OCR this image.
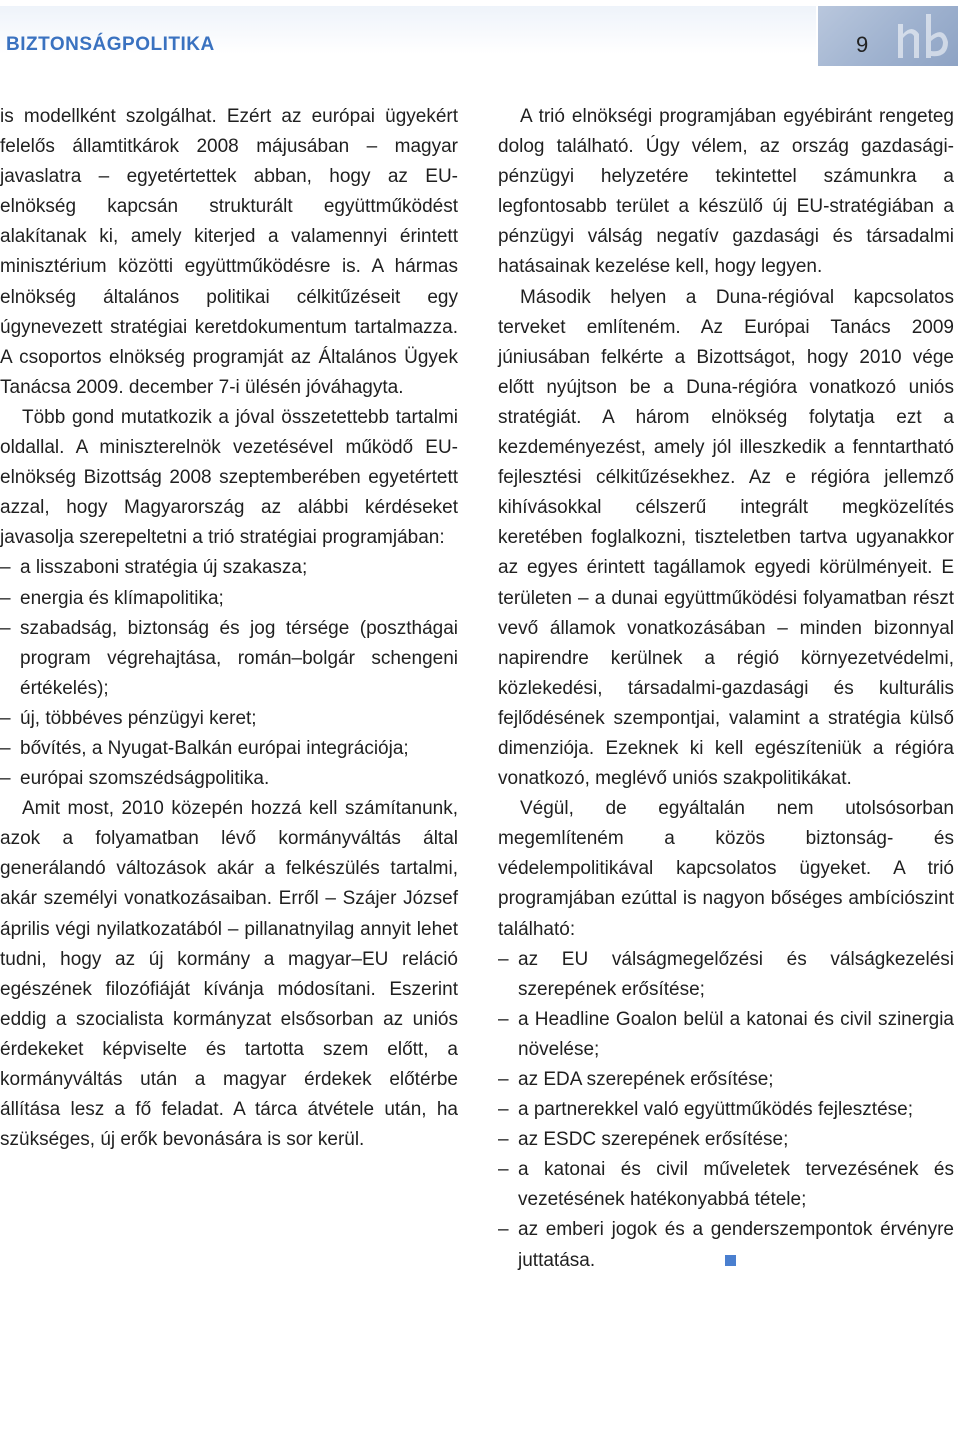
BIZTONSÁGPOLITIKA	9

is modellként szolgálhat. Ezért az európai ügyekért felelős államtitkárok 2008 májusában – magyar javaslatra – egyetértettek abban, hogy az EU-elnökség kapcsán strukturált együttműködést alakítanak ki, amely kiterjed a valamennyi érintett minisztérium közötti együttműködésre is. A hármas elnökség általános politikai célkitűzéseit egy úgynevezett stratégiai keretdokumentum tartalmazza. A csoportos elnökség programját az Általános Ügyek Tanácsa 2009. december 7-i ülésén jóváhagyta.

Több gond mutatkozik a jóval összetettebb tartalmi oldallal. A miniszterelnök vezetésével működő EU-elnökség Bizottság 2008 szeptemberében egyetértett azzal, hogy Magyarország az alábbi kérdéseket javasolja szerepeltetni a trió stratégiai programjában:

– a lisszaboni stratégia új szakasza;
– energia és klímapolitika;
– szabadság, biztonság és jog térsége (poszthágai program végrehajtása, román–bolgár schengeni értékelés);
– új, többéves pénzügyi keret;
– bővítés, a Nyugat-Balkán európai integrációja;
– európai szomszédságpolitika.

Amit most, 2010 közepén hozzá kell számítanunk, azok a folyamatban lévő kormányváltás által generálandó változások akár a felkészülés tartalmi, akár személyi vonatkozásaiban. Erről – Szájer József április végi nyilatkozatából – pillanatnyilag annyit lehet tudni, hogy az új kormány a magyar–EU reláció egészének filozófiáját kívánja módosítani. Eszerint eddig a szocialista kormányzat elsősorban az uniós érdekeket képviselte és tartotta szem előtt, a kormányváltás után a magyar érdekek előtérbe állítása lesz a fő feladat. A tárca átvétele után, ha szükséges, új erők bevonására is sor kerül.

A trió elnökségi programjában egyébiránt rengeteg dolog található. Úgy vélem, az ország gazdasági-pénzügyi helyzetére tekintettel számunkra a legfontosabb terület a készülő új EU-stratégiában a pénzügyi válság negatív gazdasági és társadalmi hatásainak kezelése kell, hogy legyen.

Második helyen a Duna-régióval kapcsolatos terveket említeném. Az Európai Tanács 2009 júniusában felkérte a Bizottságot, hogy 2010 vége előtt nyújtson be a Duna-régióra vonatkozó uniós stratégiát. A három elnökség folytatja ezt a kezdeményezést, amely jól illeszkedik a fenntartható fejlesztési célkitűzésekhez. Az e régióra jellemző kihívásokkal célszerű integrált megközelítés keretében foglalkozni, tiszteletben tartva ugyanakkor az egyes érintett tagállamok egyedi körülményeit. E területen – a dunai együttműködési folyamatban részt vevő államok vonatkozásában – minden bizonnyal napirendre kerülnek a régió környezetvédelmi, közlekedési, társadalmi-gazdasági és kulturális fejlődésének szempontjai, valamint a stratégia külső dimenziója. Ezeknek ki kell egészíteniük a régióra vonatkozó, meglévő uniós szakpolitikákat.

Végül, de egyáltalán nem utolsósorban megemlíteném a közös biztonság- és védelempolitikával kapcsolatos ügyeket. A trió programjában ezúttal is nagyon bőséges ambíciószint található:

– az EU válságmegelőzési és válságkezelési szerepének erősítése;
– a Headline Goalon belül a katonai és civil szinergia növelése;
– az EDA szerepének erősítése;
– a partnerekkel való együttműködés fejlesztése;
– az ESDC szerepének erősítése;
– a katonai és civil műveletek tervezésének és vezetésének hatékonyabbá tétele;
– az emberi jogok és a genderszempontok érvényre juttatása.
